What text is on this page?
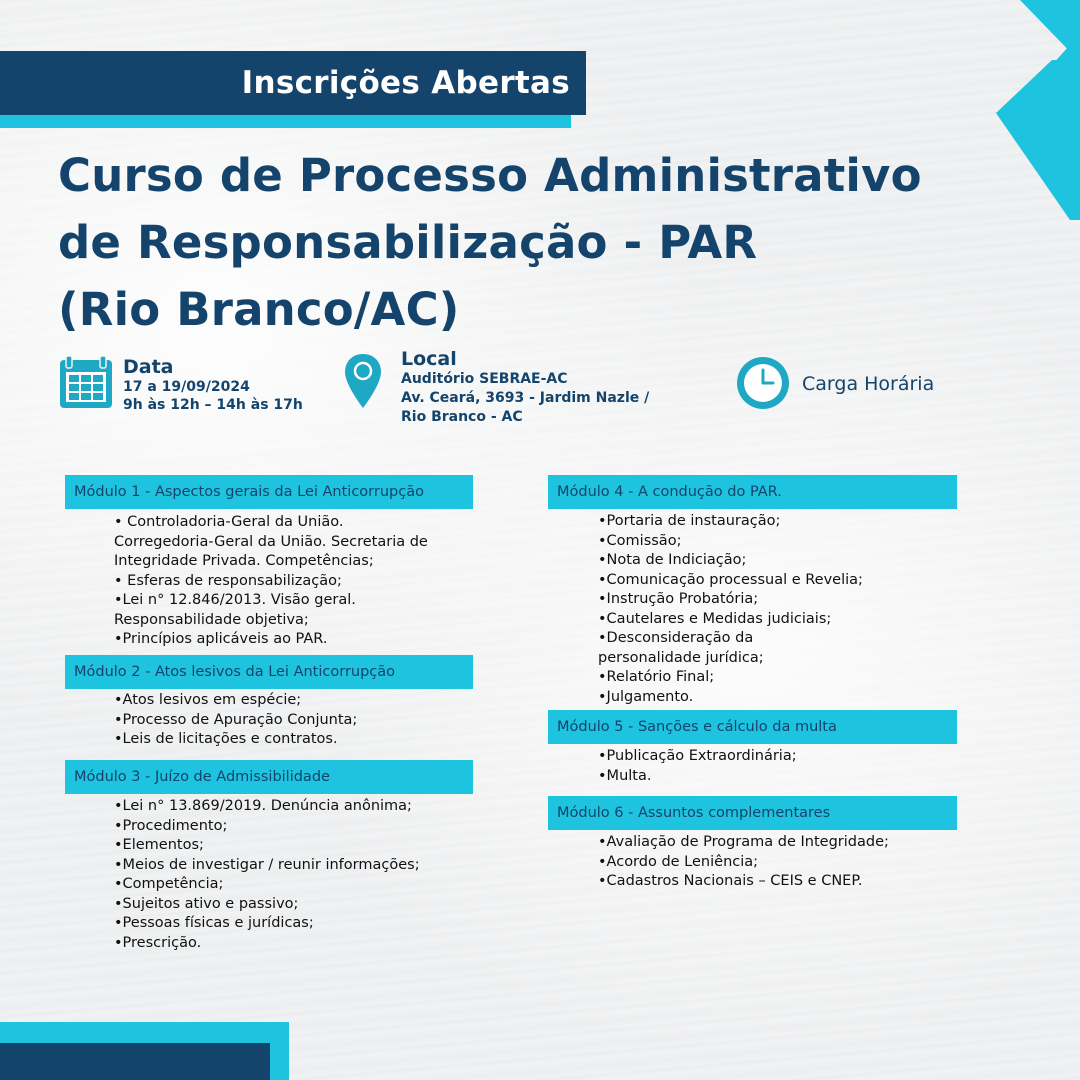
Inscrições Abertas
Curso de Processo Administrativo
de Responsabilização - PAR
(Rio Branco/AC)
Data
17 a 19/09/2024
9h às 12h – 14h às 17h
Local
Auditório SEBRAE-AC
Av. Ceará, 3693 - Jardim Nazle /
Rio Branco - AC
Carga Horária
Módulo 1 - Aspectos gerais da Lei Anticorrupção
• Controladoria-Geral da União.
Corregedoria-Geral da União. Secretaria de
Integridade Privada. Competências;
• Esferas de responsabilização;
•Lei n° 12.846/2013. Visão geral.
Responsabilidade objetiva;
•Princípios aplicáveis ao PAR.
Módulo 2 - Atos lesivos da Lei Anticorrupção
•Atos lesivos em espécie;
•Processo de Apuração Conjunta;
•Leis de licitações e contratos.
Módulo 3 - Juízo de Admissibilidade
•Lei n° 13.869/2019. Denúncia anônima;
•Procedimento;
•Elementos;
•Meios de investigar / reunir informações;
•Competência;
•Sujeitos ativo e passivo;
•Pessoas físicas e jurídicas;
•Prescrição.
Módulo 4 - A condução do PAR.
•Portaria de instauração;
•Comissão;
•Nota de Indiciação;
•Comunicação processual e Revelia;
•Instrução Probatória;
•Cautelares e Medidas judiciais;
•Desconsideração da
personalidade jurídica;
•Relatório Final;
•Julgamento.
Módulo 5 - Sanções e cálculo da multa
•Publicação Extraordinária;
•Multa.
Módulo 6 - Assuntos complementares
•Avaliação de Programa de Integridade;
•Acordo de Leniência;
•Cadastros Nacionais – CEIS e CNEP.
